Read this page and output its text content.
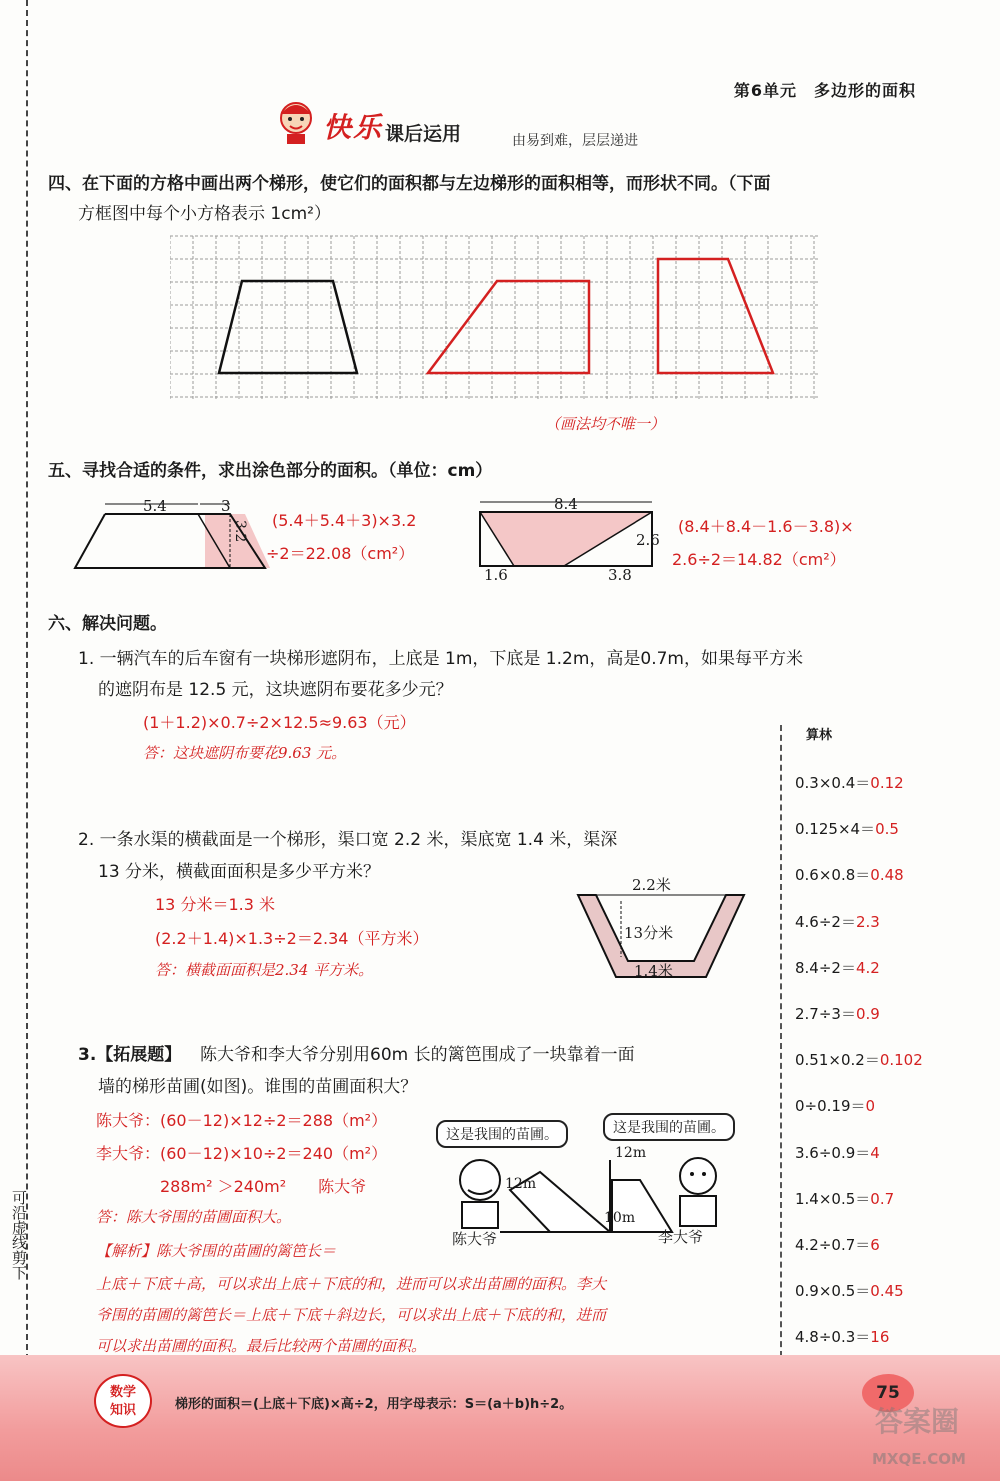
可沿虚线剪下
第6单元　多边形的面积
快乐 课后运用	由易到难，层层递进
四、在下面的方格中画出两个梯形，使它们的面积都与左边梯形的面积相等，而形状不同。（下面
方框图中每个小方格表示 1cm²）
（画法均不唯一）
五、寻找合适的条件，求出涂色部分的面积。（单位：cm）
5.4	3
3.2 (5.4＋5.4＋3)×3.2
÷2＝22.08（cm²）
8.4
2.6
1.6	3.8
(8.4＋8.4－1.6－3.8)×
2.6÷2＝14.82（cm²）
六、解决问题。
1. 一辆汽车的后车窗有一块梯形遮阴布，上底是 1m，下底是 1.2m，高是0.7m，如果每平方米
的遮阴布是 12.5 元，这块遮阴布要花多少元？
(1＋1.2)×0.7÷2×12.5≈9.63（元）
答：这块遮阴布要花9.63 元。
2. 一条水渠的横截面是一个梯形，渠口宽 2.2 米，渠底宽 1.4 米，渠深
13 分米，横截面面积是多少平方米？
13 分米＝1.3 米
(2.2＋1.4)×1.3÷2＝2.34（平方米）
答：横截面面积是2.34 平方米。
2.2米
13分米
1.4米
3.【拓展题】 陈大爷和李大爷分别用60m 长的篱笆围成了一块靠着一面
墙的梯形苗圃(如图)。谁围的苗圃面积大？
陈大爷：(60－12)×12÷2＝288（m²）
李大爷：(60－12)×10÷2＝240（m²）
288m² ＞240m²　　陈大爷
答：陈大爷围的苗圃面积大。
这是我围的苗圃。	这是我围的苗圃。
12m
12m
10m
陈大爷	李大爷
【解析】陈大爷围的苗圃的篱笆长＝
上底＋下底＋高，可以求出上底＋下底的和，进而可以求出苗圃的面积。李大
爷围的苗圃的篱笆长＝上底＋下底＋斜边长，可以求出上底＋下底的和，进而
可以求出苗圃的面积。最后比较两个苗圃的面积。
算林
0.3×0.4＝0.12
0.125×4＝0.5
0.6×0.8＝0.48
4.6÷2＝2.3
8.4÷2＝4.2
2.7÷3＝0.9
0.51×0.2＝0.102
0÷0.19＝0
3.6÷0.9＝4
1.4×0.5＝0.7
4.2÷0.7＝6
0.9×0.5＝0.45
4.8÷0.3＝16
数学
知识	梯形的面积＝(上底＋下底)×高÷2，用字母表示：S＝(a＋b)h÷2。
75
答案圈
MXQE.COM
